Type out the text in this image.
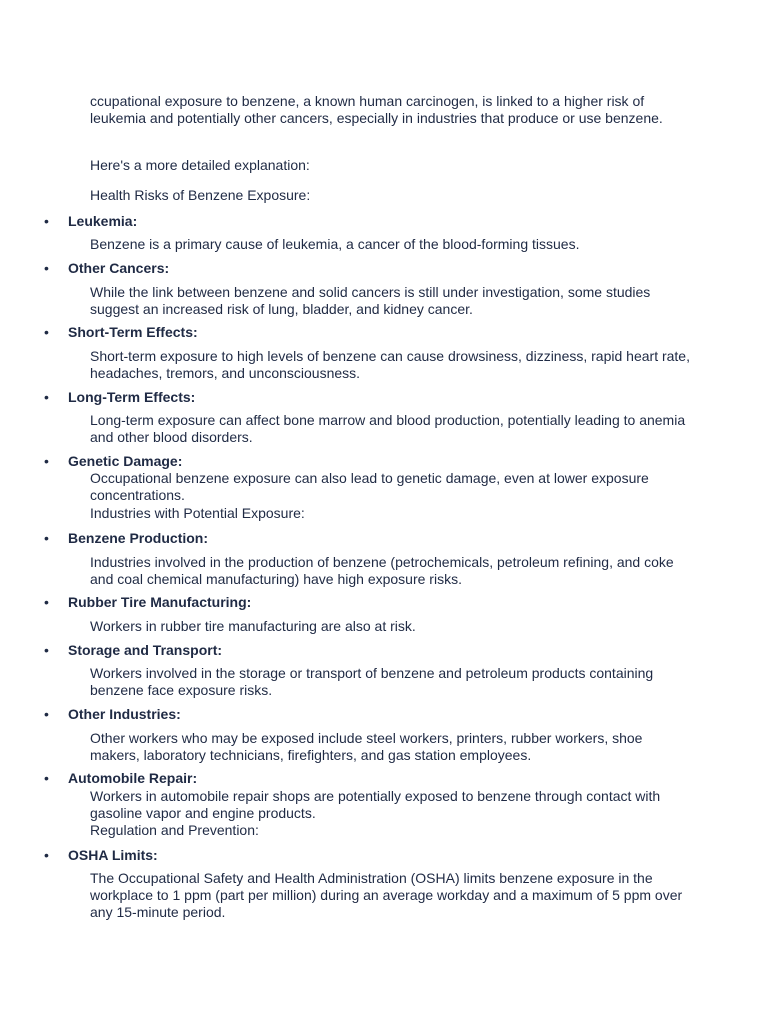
ccupational exposure to benzene, a known human carcinogen, is linked to a higher risk of leukemia and potentially other cancers, especially in industries that produce or use benzene.

Here's a more detailed explanation:

Health Risks of Benzene Exposure:

• Leukemia:

Benzene is a primary cause of leukemia, a cancer of the blood-forming tissues.

• Other Cancers:

While the link between benzene and solid cancers is still under investigation, some studies suggest an increased risk of lung, bladder, and kidney cancer.

• Short-Term Effects:

Short-term exposure to high levels of benzene can cause drowsiness, dizziness, rapid heart rate, headaches, tremors, and unconsciousness.

• Long-Term Effects:

Long-term exposure can affect bone marrow and blood production, potentially leading to anemia and other blood disorders.

• Genetic Damage:

Occupational benzene exposure can also lead to genetic damage, even at lower exposure concentrations.

Industries with Potential Exposure:

• Benzene Production:

Industries involved in the production of benzene (petrochemicals, petroleum refining, and coke and coal chemical manufacturing) have high exposure risks.

• Rubber Tire Manufacturing:

Workers in rubber tire manufacturing are also at risk.

• Storage and Transport:

Workers involved in the storage or transport of benzene and petroleum products containing benzene face exposure risks.

• Other Industries:

Other workers who may be exposed include steel workers, printers, rubber workers, shoe makers, laboratory technicians, firefighters, and gas station employees.

• Automobile Repair:

Workers in automobile repair shops are potentially exposed to benzene through contact with gasoline vapor and engine products.

Regulation and Prevention:

• OSHA Limits:

The Occupational Safety and Health Administration (OSHA) limits benzene exposure in the workplace to 1 ppm (part per million) during an average workday and a maximum of 5 ppm over any 15-minute period.
